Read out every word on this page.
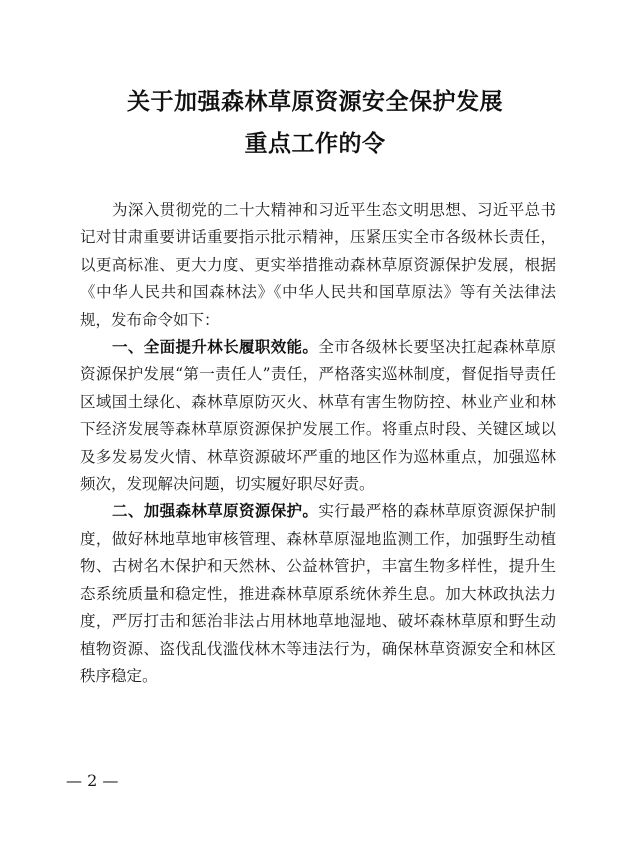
关于加强森林草原资源安全保护发展
重点工作的令

为深入贯彻党的二十大精神和习近平生态文明思想、习近平总书记对甘肃重要讲话重要指示批示精神，压紧压实全市各级林长责任，以更高标准、更大力度、更实举措推动森林草原资源保护发展，根据《中华人民共和国森林法》《中华人民共和国草原法》等有关法律法规，发布命令如下：

一、全面提升林长履职效能。全市各级林长要坚决扛起森林草原资源保护发展“第一责任人”责任，严格落实巡林制度，督促指导责任区域国土绿化、森林草原防灭火、林草有害生物防控、林业产业和林下经济发展等森林草原资源保护发展工作。将重点时段、关键区域以及多发易发火情、林草资源破坏严重的地区作为巡林重点，加强巡林频次，发现解决问题，切实履好职尽好责。

二、加强森林草原资源保护。实行最严格的森林草原资源保护制度，做好林地草地审核管理、森林草原湿地监测工作，加强野生动植物、古树名木保护和天然林、公益林管护，丰富生物多样性，提升生态系统质量和稳定性，推进森林草原系统休养生息。加大林政执法力度，严厉打击和惩治非法占用林地草地湿地、破坏森林草原和野生动植物资源、盗伐乱伐滥伐林木等违法行为，确保林草资源安全和林区秩序稳定。

— 2 —
